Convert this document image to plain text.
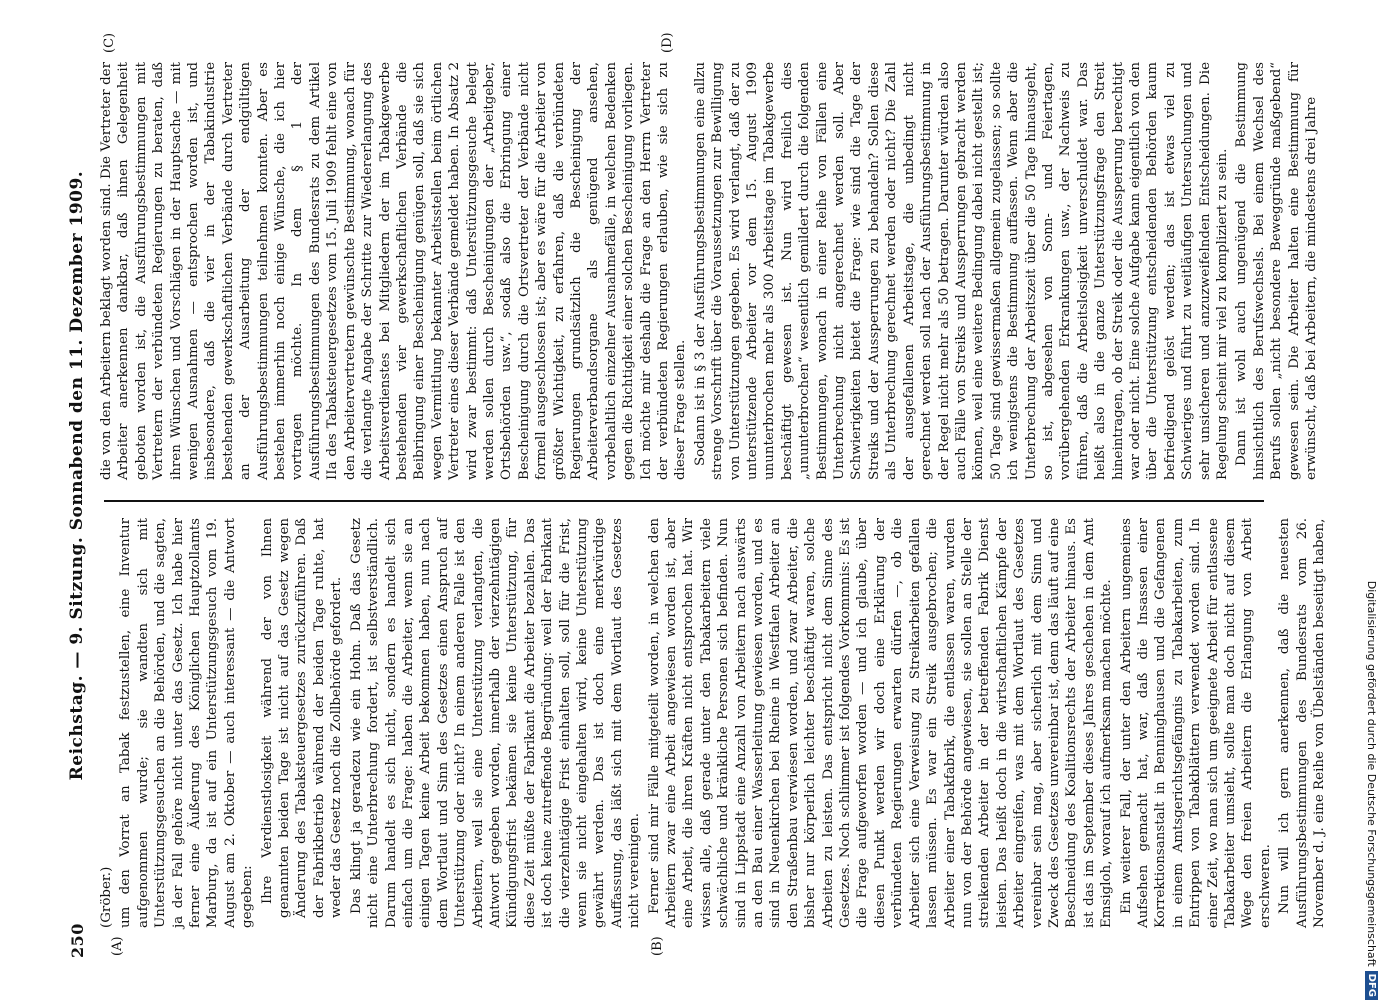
250
Reichstag. — 9. Sitzung. Sonnabend den 11. Dezember 1909.
(A)	(B)
(C)	(D)

(Gröber.) um den Vorrat an Tabak festzustellen, eine Inventur aufgenommen wurde; sie wandten sich mit Unterstützungsgesuchen an die Behörden, und die sagten, ja der Fall gehöre nicht unter das Gesetz. Ich habe hier ferner eine Äußerung des Königlichen Hauptzollamts Marburg, da ist auf ein Unterstützungsgesuch vom 19. August am 2. Oktober — auch interessant — die Antwort gegeben: Ihre Verdienstlosigkeit während der von Ihnen genannten beiden Tage ist nicht auf das Gesetz wegen Änderung des Tabaksteuergesetzes zurückzuführen. Daß der Fabrikbetrieb während der beiden Tage ruhte, hat weder das Gesetz noch die Zollbehörde gefordert. Das klingt ja geradezu wie ein Hohn. Daß das Gesetz nicht eine Unterbrechung fordert, ist selbstverständlich. Darum handelt es sich nicht, sondern es handelt sich einfach um die Frage: haben die Arbeiter, wenn sie an einigen Tagen keine Arbeit bekommen haben, nun nach dem Wortlaut und Sinn des Gesetzes einen Anspruch auf Unterstützung oder nicht? In einem anderen Falle ist den Arbeitern, weil sie eine Unterstützung verlangten, die Antwort gegeben worden, innerhalb der vierzehntägigen Kündigungsfrist bekämen sie keine Unterstützung, für diese Zeit müßte der Fabrikant die Arbeiter bezahlen. Das ist doch keine zutreffende Begründung: weil der Fabrikant die vierzehntägige Frist einhalten soll, soll für die Frist, wenn sie nicht eingehalten wird, keine Unterstützung gewährt werden. Das ist doch eine merkwürdige Auffassung, das läßt sich mit dem Wortlaut des Gesetzes nicht vereinigen. Ferner sind mir Fälle mitgeteilt worden, in welchen den Arbeitern zwar eine Arbeit angewiesen worden ist, aber eine Arbeit, die ihren Kräften nicht entsprochen hat. Wir wissen alle, daß gerade unter den Tabakarbeitern viele schwächliche und kränkliche Personen sich befinden. Nun sind in Lippstadt eine Anzahl von Arbeitern nach auswärts an den Bau einer Wasserleitung gewiesen worden, und es sind in Neuenkirchen bei Rheine in Westfalen Arbeiter an den Straßenbau verwiesen worden, und zwar Arbeiter, die bisher nur körperlich leichter beschäftigt waren, solche Arbeiten zu leisten. Das entspricht nicht dem Sinne des Gesetzes. Noch schlimmer ist folgendes Vorkommnis: Es ist die Frage aufgeworfen worden — und ich glaube, über diesen Punkt werden wir doch eine Erklärung der verbündeten Regierungen erwarten dürfen —, ob die Arbeiter sich eine Verweisung zu Streikarbeiten gefallen lassen müssen. Es war ein Streik ausgebrochen; die Arbeiter einer Tabakfabrik, die entlassen waren, wurden nun von der Behörde angewiesen, sie sollen an Stelle der streikenden Arbeiter in der betreffenden Fabrik Dienst leisten. Das heißt doch in die wirtschaftlichen Kämpfe der Arbeiter eingreifen, was mit dem Wortlaut des Gesetzes vereinbar sein mag, aber sicherlich mit dem Sinn und Zweck des Gesetzes unvereinbar ist, denn das läuft auf eine Beschneidung des Koalitionsrechts der Arbeiter hinaus. Es ist das im September dieses Jahres geschehen in dem Amt Emsigloh, worauf ich aufmerksam machen möchte. Ein weiterer Fall, der unter den Arbeitern ungemeines Aufsehen gemacht hat, war, daß die Insassen einer Korrektionsanstalt in Benninghausen und die Gefangenen in einem Amtsgerichtsgefängnis zu Tabakarbeiten, zum Entrippen von Tabakblättern verwendet worden sind. In einer Zeit, wo man sich um geeignete Arbeit für entlassene Tabakarbeiter umsieht, sollte man doch nicht auf diesem Wege den freien Arbeitern die Erlangung von Arbeit erschweren. Nun will ich gern anerkennen, daß die neuesten Ausführungsbestimmungen des Bundesrats vom 26. November d. J. eine Reihe von Übelständen beseitigt haben,

die von den Arbeitern beklagt worden sind. Die Vertreter der Arbeiter anerkennen dankbar, daß ihnen Gelegenheit geboten worden ist, die Ausführungsbestimmungen mit Vertretern der verbündeten Regierungen zu beraten, daß ihren Wünschen und Vorschlägen in der Hauptsache — mit wenigen Ausnahmen — entsprochen worden ist, und insbesondere, daß die vier in der Tabakindustrie bestehenden gewerkschaftlichen Verbände durch Vertreter an der Ausarbeitung der endgültigen Ausführungsbestimmungen teilnehmen konnten. Aber es bestehen immerhin noch einige Wünsche, die ich hier vortragen möchte. In dem § 1 der Ausführungsbestimmungen des Bundesrats zu dem Artikel IIa des Tabaksteuergesetzes vom 15. Juli 1909 fehlt eine von den Arbeitervertretern gewünschte Bestimmung, wonach für die verlangte Angabe der Schritte zur Wiedererlangung des Arbeitsverdienstes bei Mitgliedern der im Tabakgewerbe bestehenden vier gewerkschaftlichen Verbände die Beibringung einer Bescheinigung genügen soll, daß sie sich wegen Vermittlung bekannter Arbeitsstellen beim örtlichen Vertreter eines dieser Verbände gemeldet haben. In Absatz 2 wird zwar bestimmt: daß Unterstützungsgesuche belegt werden sollen durch Bescheinigungen der „Arbeitgeber, Ortsbehörden usw.“, sodaß also die Erbringung einer Bescheinigung durch die Ortsvertreter der Verbände nicht formell ausgeschlossen ist; aber es wäre für die Arbeiter von größter Wichtigkeit, zu erfahren, daß die verbündeten Regierungen grundsätzlich die Bescheinigung der Arbeiterverbandsorgane als genügend ansehen, vorbehaltlich einzelner Ausnahmefälle, in welchen Bedenken gegen die Richtigkeit einer solchen Bescheinigung vorliegen. Ich möchte mir deshalb die Frage an den Herrn Vertreter der verbündeten Regierungen erlauben, wie sie sich zu dieser Frage stellen. Sodann ist in § 3 der Ausführungsbestimmungen eine allzu strenge Vorschrift über die Voraussetzungen zur Bewilligung von Unterstützungen gegeben. Es wird verlangt, daß der zu unterstützende Arbeiter vor dem 15. August 1909 ununterbrochen mehr als 300 Arbeitstage im Tabakgewerbe beschäftigt gewesen ist. Nun wird freilich dies „ununterbrochen“ wesentlich gemildert durch die folgenden Bestimmungen, wonach in einer Reihe von Fällen eine Unterbrechung nicht angerechnet werden soll. Aber Schwierigkeiten bietet die Frage: wie sind die Tage der Streiks und der Aussperrungen zu behandeln? Sollen diese als Unterbrechung gerechnet werden oder nicht? Die Zahl der ausgefallenen Arbeitstage, die unbedingt nicht gerechnet werden soll nach der Ausführungsbestimmung in der Regel nicht mehr als 50 betragen. Darunter würden also auch Fälle von Streiks und Aussperrungen gebracht werden können, weil eine weitere Bedingung dabei nicht gestellt ist; 50 Tage sind gewissermaßen allgemein zugelassen; so sollte ich wenigstens die Bestimmung auffassen. Wenn aber die Unterbrechung der Arbeitszeit über die 50 Tage hinausgeht, so ist, abgesehen von Sonn- und Feiertagen, vorübergehenden Erkrankungen usw., der Nachweis zu führen, daß die Arbeitslosigkeit unverschuldet war. Das heißt also in die ganze Unterstützungsfrage den Streit hineintragen, ob der Streik oder die Aussperrung berechtigt war oder nicht. Eine solche Aufgabe kann eigentlich von den über die Unterstützung entscheidenden Behörden kaum befriedigend gelöst werden; das ist etwas viel zu Schwieriges und führt zu weitläufigen Untersuchungen und sehr unsicheren und anzuzweifelnden Entscheidungen. Die Regelung scheint mir viel zu kompliziert zu sein. Dann ist wohl auch ungenügend die Bestimmung hinsichtlich des Berufswechsels. Bei einem Wechsel des Berufs sollen „nicht besondere Beweggründe maßgebend“ gewesen sein. Die Arbeiter halten eine Bestimmung für erwünscht, daß bei Arbeitern, die mindestens drei Jahre

Digitalisierung gefördert durch die Deutsche Forschungsgemeinschaft
DFG
